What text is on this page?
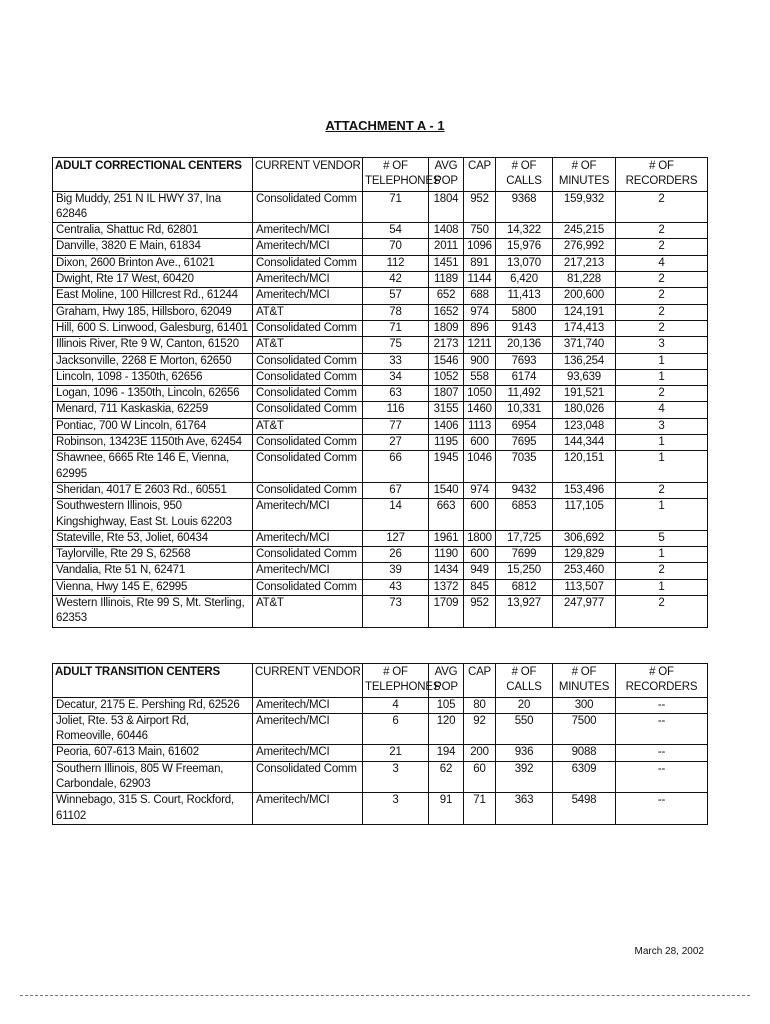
ATTACHMENT A - 1
ADULT CORRECTIONAL CENTERS	CURRENT VENDOR	# OF TELEPHONES	AVG POP	CAP	# OF CALLS	# OF MINUTES	# OF RECORDERS
Big Muddy, 251 N IL HWY 37, Ina 62846	Consolidated Comm	71	1804	952	9368	159,932	2
Centralia, Shattuc Rd, 62801	Ameritech/MCI	54	1408	750	14,322	245,215	2
Danville, 3820 E Main, 61834	Ameritech/MCI	70	2011	1096	15,976	276,992	2
Dixon, 2600 Brinton Ave., 61021	Consolidated Comm	112	1451	891	13,070	217,213	4
Dwight, Rte 17 West, 60420	Ameritech/MCI	42	1189	1144	6,420	81,228	2
East Moline, 100 Hillcrest Rd., 61244	Ameritech/MCI	57	652	688	11,413	200,600	2
Graham, Hwy 185, Hillsboro, 62049	AT&T	78	1652	974	5800	124,191	2
Hill, 600 S. Linwood, Galesburg, 61401	Consolidated Comm	71	1809	896	9143	174,413	2
Illinois River, Rte 9 W, Canton, 61520	AT&T	75	2173	1211	20,136	371,740	3
Jacksonville, 2268 E Morton, 62650	Consolidated Comm	33	1546	900	7693	136,254	1
Lincoln, 1098 - 1350th, 62656	Consolidated Comm	34	1052	558	6174	93,639	1
Logan, 1096 - 1350th, Lincoln, 62656	Consolidated Comm	63	1807	1050	11,492	191,521	2
Menard, 711 Kaskaskia, 62259	Consolidated Comm	116	3155	1460	10,331	180,026	4
Pontiac, 700 W Lincoln, 61764	AT&T	77	1406	1113	6954	123,048	3
Robinson, 13423E 1150th Ave, 62454	Consolidated Comm	27	1195	600	7695	144,344	1
Shawnee, 6665 Rte 146 E, Vienna, 62995	Consolidated Comm	66	1945	1046	7035	120,151	1
Sheridan, 4017 E 2603 Rd., 60551	Consolidated Comm	67	1540	974	9432	153,496	2
Southwestern Illinois, 950 Kingshighway, East St. Louis 62203	Ameritech/MCI	14	663	600	6853	117,105	1
Stateville, Rte 53, Joliet, 60434	Ameritech/MCI	127	1961	1800	17,725	306,692	5
Taylorville, Rte 29 S, 62568	Consolidated Comm	26	1190	600	7699	129,829	1
Vandalia, Rte 51 N, 62471	Ameritech/MCI	39	1434	949	15,250	253,460	2
Vienna, Hwy 145 E, 62995	Consolidated Comm	43	1372	845	6812	113,507	1
Western Illinois, Rte 99 S, Mt. Sterling, 62353	AT&T	73	1709	952	13,927	247,977	2
ADULT TRANSITION CENTERS	CURRENT VENDOR	# OF TELEPHONES	AVG POP	CAP	# OF CALLS	# OF MINUTES	# OF RECORDERS
Decatur, 2175 E. Pershing Rd, 62526	Ameritech/MCI	4	105	80	20	300	--
Joliet, Rte. 53 & Airport Rd, Romeoville, 60446	Ameritech/MCI	6	120	92	550	7500	--
Peoria, 607-613 Main, 61602	Ameritech/MCI	21	194	200	936	9088	--
Southern Illinois, 805 W Freeman, Carbondale, 62903	Consolidated Comm	3	62	60	392	6309	--
Winnebago, 315 S. Court, Rockford, 61102	Ameritech/MCI	3	91	71	363	5498	--
March 28, 2002
